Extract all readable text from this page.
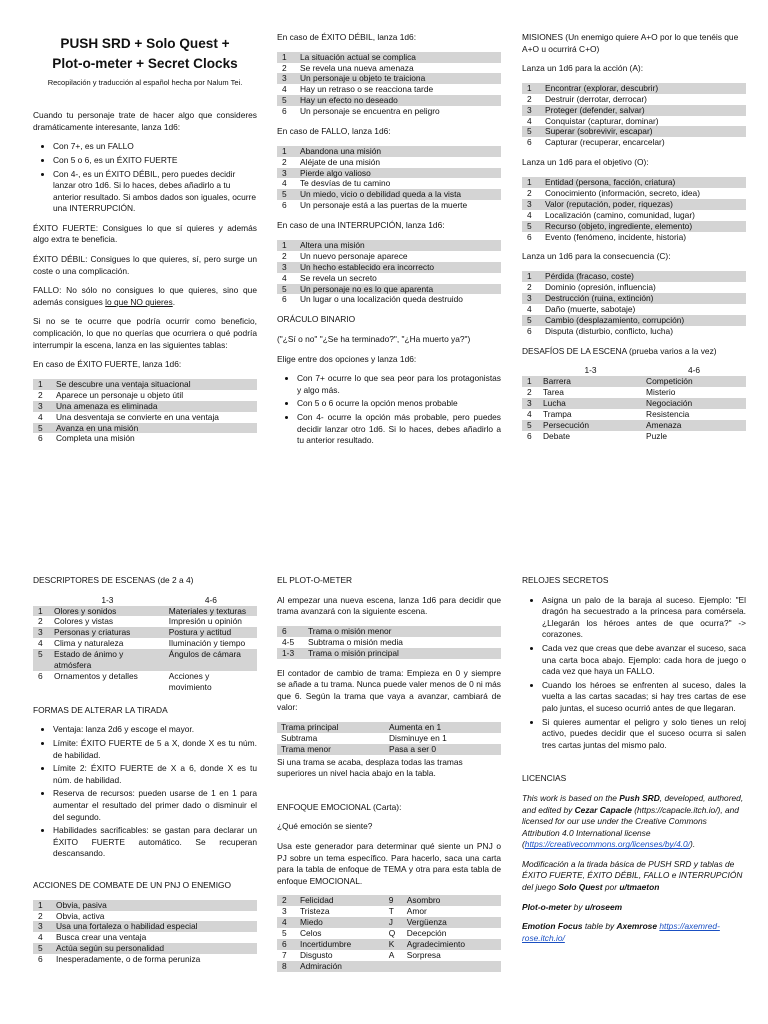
PUSH SRD + Solo Quest +
Plot-o-meter + Secret Clocks
Recopilación y traducción al español hecha por Nalum Tei.

Cuando tu personaje trate de hacer algo que consideres dramáticamente interesante, lanza 1d6:

• Con 7+, es un FALLO
• Con 5 o 6, es un ÉXITO FUERTE
• Con 4-, es un ÉXITO DÉBIL, pero puedes decidir lanzar otro 1d6. Si lo haces, debes añadirlo a tu anterior resultado. Si ambos dados son iguales, ocurre una INTERRUPCIÓN.

ÉXITO FUERTE: Consigues lo que sí quieres y además algo extra te beneficia.

ÉXITO DÉBIL: Consigues lo que quieres, sí, pero surge un coste o una complicación.

FALLO: No sólo no consigues lo que quieres, sino que además consigues lo que NO quieres.

Si no se te ocurre que podría ocurrir como beneficio, complicación, lo que no querías que ocurriera o qué podría interrumpir la escena, lanza en las siguientes tablas:

En caso de ÉXITO FUERTE, lanza 1d6:

1	Se descubre una ventaja situacional
2	Aparece un personaje u objeto útil
3	Una amenaza es eliminada
4	Una desventaja se convierte en una ventaja
5	Avanza en una misión
6	Completa una misión

En caso de ÉXITO DÉBIL, lanza 1d6:

1	La situación actual se complica
2	Se revela una nueva amenaza
3	Un personaje u objeto te traiciona
4	Hay un retraso o se reacciona tarde
5	Hay un efecto no deseado
6	Un personaje se encuentra en peligro

En caso de FALLO, lanza 1d6:

1	Abandona una misión
2	Aléjate de una misión
3	Pierde algo valioso
4	Te desvías de tu camino
5	Un miedo, vicio o debilidad queda a la vista
6	Un personaje está a las puertas de la muerte

En caso de una INTERRUPCIÓN, lanza 1d6:

1	Altera una misión
2	Un nuevo personaje aparece
3	Un hecho establecido era incorrecto
4	Se revela un secreto
5	Un personaje no es lo que aparenta
6	Un lugar o una localización queda destruido

ORÁCULO BINARIO

("¿Sí o no" "¿Se ha terminado?", "¿Ha muerto ya?")

Elige entre dos opciones y lanza 1d6:

• Con 7+ ocurre lo que sea peor para los protagonistas y algo más.
• Con 5 o 6 ocurre la opción menos probable
• Con 4- ocurre la opción más probable, pero puedes decidir lanzar otro 1d6. Si lo haces, debes añadirlo a tu anterior resultado.

MISIONES (Un enemigo quiere A+O por lo que tenéis que A+O u ocurrirá C+O)

Lanza un 1d6 para la acción (A):

1	Encontrar (explorar, descubrir)
2	Destruir (derrotar, derrocar)
3	Proteger (defender, salvar)
4	Conquistar (capturar, dominar)
5	Superar (sobrevivir, escapar)
6	Capturar (recuperar, encarcelar)

Lanza un 1d6 para el objetivo (O):

1	Entidad (persona, facción, criatura)
2	Conocimiento (información, secreto, idea)
3	Valor (reputación, poder, riquezas)
4	Localización (camino, comunidad, lugar)
5	Recurso (objeto, ingrediente, elemento)
6	Evento (fenómeno, incidente, historia)

Lanza un 1d6 para la consecuencia (C):

1	Pérdida (fracaso, coste)
2	Dominio (opresión, influencia)
3	Destrucción (ruina, extinción)
4	Daño (muerte, sabotaje)
5	Cambio (desplazamiento, corrupción)
6	Disputa (disturbio, conflicto, lucha)

DESAFÍOS DE LA ESCENA (prueba varios a la vez)

	1-3	4-6
1	Barrera	Competición
2	Tarea	Misterio
3	Lucha	Negociación
4	Trampa	Resistencia
5	Persecución	Amenaza
6	Debate	Puzle

DESCRIPTORES DE ESCENAS (de 2 a 4)

	1-3	4-6
1	Olores y sonidos	Materiales y texturas
2	Colores y vistas	Impresión u opinión
3	Personas y criaturas	Postura y actitud
4	Clima y naturaleza	Iluminación y tiempo
5	Estado de ánimo y atmósfera	Ángulos de cámara
6	Ornamentos y detalles	Acciones y movimiento

FORMAS DE ALTERAR LA TIRADA

• Ventaja: lanza 2d6 y escoge el mayor.
• Límite: ÉXITO FUERTE de 5 a X, donde X es tu núm. de habilidad.
• Límite 2: ÉXITO FUERTE de X a 6, donde X es tu núm. de habilidad.
• Reserva de recursos: pueden usarse de 1 en 1 para aumentar el resultado del primer dado o disminuir el del segundo.
• Habilidades sacrificables: se gastan para declarar un ÉXITO FUERTE automático. Se recuperan descansando.

ACCIONES DE COMBATE DE UN PNJ O ENEMIGO

1	Obvia, pasiva
2	Obvia, activa
3	Usa una fortaleza o habilidad especial
4	Busca crear una ventaja
5	Actúa según su personalidad
6	Inesperadamente, o de forma peruniza

EL PLOT-O-METER

Al empezar una nueva escena, lanza 1d6 para decidir que trama avanzará con la siguiente escena.

6	Trama o misión menor
4-5	Subtrama o misión media
1-3	Trama o misión principal

El contador de cambio de trama: Empieza en 0 y siempre se añade a tu trama. Nunca puede valer menos de 0 ni más que 6. Según la trama que vaya a avanzar, cambiará de valor:

Trama principal	Aumenta en 1
Subtrama	Disminuye en 1
Trama menor	Pasa a ser 0

Si una trama se acaba, desplaza todas las tramas superiores un nivel hacia abajo en la tabla.

ENFOQUE EMOCIONAL (Carta):

¿Qué emoción se siente?

Usa este generador para determinar qué siente un PNJ o PJ sobre un tema específico. Para hacerlo, saca una carta para la tabla de enfoque de TEMA y otra para esta tabla de enfoque EMOCIONAL.

2	Felicidad	9	Asombro
3	Tristeza	T	Amor
4	Miedo	J	Vergüenza
5	Celos	Q	Decepción
6	Incertidumbre	K	Agradecimiento
7	Disgusto	A	Sorpresa
8	Admiración		

RELOJES SECRETOS

• Asigna un palo de la baraja al suceso. Ejemplo: "El dragón ha secuestrado a la princesa para comérsela. ¿Llegarán los héroes antes de que ocurra?" -> corazones.
• Cada vez que creas que debe avanzar el suceso, saca una carta boca abajo. Ejemplo: cada hora de juego o cada vez que haya un FALLO.
• Cuando los héroes se enfrenten al suceso, dales la vuelta a las cartas sacadas; si hay tres cartas de ese palo juntas, el suceso ocurrió antes de que llegaran.
• Si quieres aumentar el peligro y solo tienes un reloj activo, puedes decidir que el suceso ocurra si salen tres cartas juntas del mismo palo.

LICENCIAS

This work is based on the Push SRD, developed, authored, and edited by Cezar Capacle (https://capacle.itch.io/), and licensed for our use under the Creative Commons Attribution 4.0 International license (https://creativecommons.org/licenses/by/4.0/).

Modificación a la tirada básica de PUSH SRD y tablas de ÉXITO FUERTE, ÉXITO DÉBIL, FALLO e INTERRUPCIÓN del juego Solo Quest por u/tmaeton

Plot-o-meter by u/roseem

Emotion Focus table by Axemrose https://axemred-rose.itch.io/
